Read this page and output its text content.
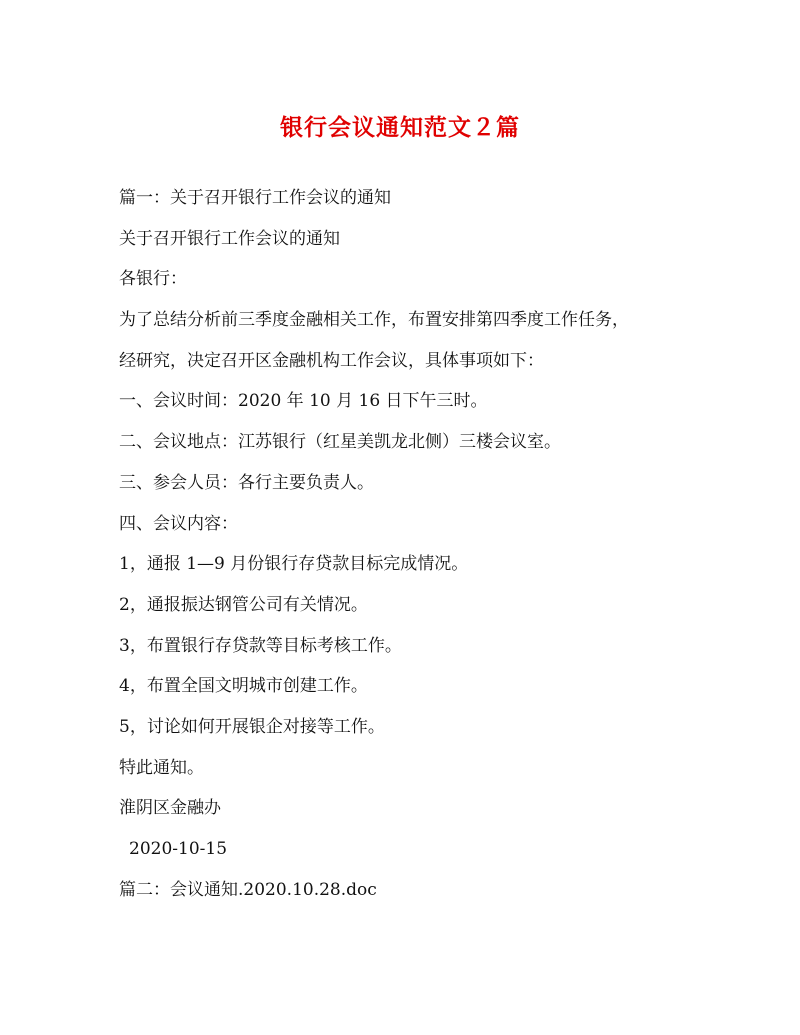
银行会议通知范文２篇
篇一：关于召开银行工作会议的通知
关于召开银行工作会议的通知
各银行：
为了总结分析前三季度金融相关工作，布置安排第四季度工作任务，
经研究，决定召开区金融机构工作会议，具体事项如下：
一、会议时间：2020 年 10 月 16 日下午三时。
二、会议地点：江苏银行（红星美凯龙北侧）三楼会议室。
三、参会人员：各行主要负责人。
四、会议内容：
1，通报 1—9 月份银行存贷款目标完成情况。
2，通报振达钢管公司有关情况。
3，布置银行存贷款等目标考核工作。
4，布置全国文明城市创建工作。
5，讨论如何开展银企对接等工作。
特此通知。
淮阴区金融办
2020-10-15
篇二：会议通知.2020.10.28.doc
